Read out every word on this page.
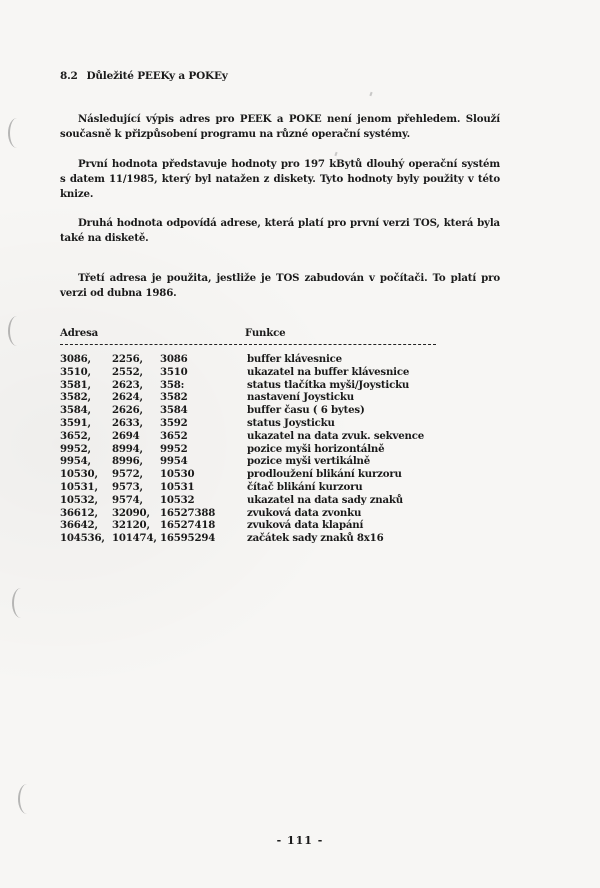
8.2 Důležité PEEKy a POKEy
Následující výpis adres pro PEEK a POKE není jenom přehledem. Slouží současně k přizpůsobení programu na různé operační systémy.
První hodnota představuje hodnoty pro 197 kBytů dlouhý operační systém s datem 11/1985, který byl natažen z diskety. Tyto hodnoty byly použity v této knize.
Druhá hodnota odpovídá adrese, která platí pro první verzi TOS, která byla také na disketě.
Třetí adresa je použita, jestliže je TOS zabudován v počítači. To platí pro verzi od dubna 1986.
Adresa	Funkce
3086, 2256, 3086	buffer klávesnice
3510, 2552, 3510	ukazatel na buffer klávesnice
3581, 2623, 358:	status tlačítka myši/Joysticku
3582, 2624, 3582	nastavení Joysticku
3584, 2626, 3584	buffer času ( 6 bytes)
3591, 2633, 3592	status Joysticku
3652, 2694 3652	ukazatel na data zvuk. sekvence
9952, 8994, 9952	pozice myši horizontálně
9954, 8996, 9954	pozice myši vertikálně
10530, 9572, 10530	prodloužení blikání kurzoru
10531, 9573, 10531	čítač blikání kurzoru
10532, 9574, 10532	ukazatel na data sady znaků
36612, 32090, 16527388	zvuková data zvonku
36642, 32120, 16527418	zvuková data klapání
104536, 101474, 16595294	začátek sady znaků 8x16
- 111 -
